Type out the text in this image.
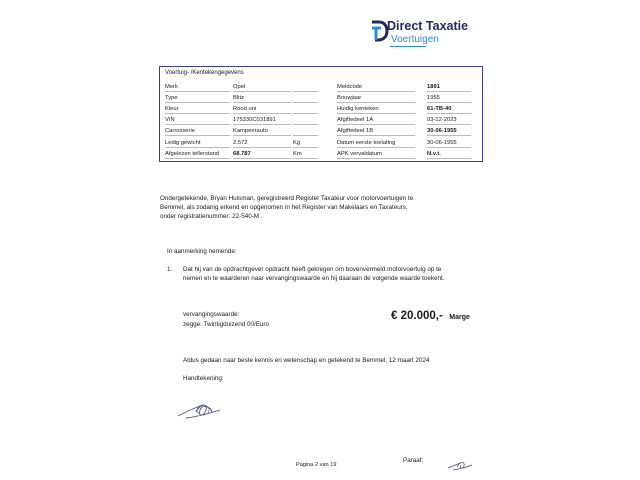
Direct Taxatie
Voertuigen
Voertuig- /Kentekengegevens
Merk	Opel	Meldcode	1891
Type	Blitz	Bouwjaar	1955
Kleur	Rood uni	Huidig kenteken	61-TB-40
VIN	175330C031891	Afgiftedeel 1A	03-12-2023
Carrosserie	Kampeerauto	Afgiftedeel 1B	30-06-1955
Ledig gewicht	2.572	Kg	Datum eerste toelating	30-06-1955
Afgelezen tellerstand	68.787	Km	APK vervaldatum	N.v.t.
Ondergetekende, Bryan Huisman, geregistreerd Register Taxateur voor motorvoertuigen te
Bemmel, als zodanig erkend en opgenomen in het Register van Makelaars en Taxateurs,
onder registratienummer: 22-540-M .
In aanmerking nemende:
1. Dat hij van de opdrachtgever opdracht heeft gekregen om bovenvermeld motorvoertuig op te
nemen en te waarderen naar vervangingswaarde en hij daaraan de volgende waarde toekent.
vervangingswaarde:
zegge: Twintigduizend 00/Euro
€ 20.000,- Marge
Aldus gedaan naar beste kennis en wetenschap en getekend te Bemmel, 12 maart 2024
Handtekening:
Pagina 2 van 19
Paraaf:
